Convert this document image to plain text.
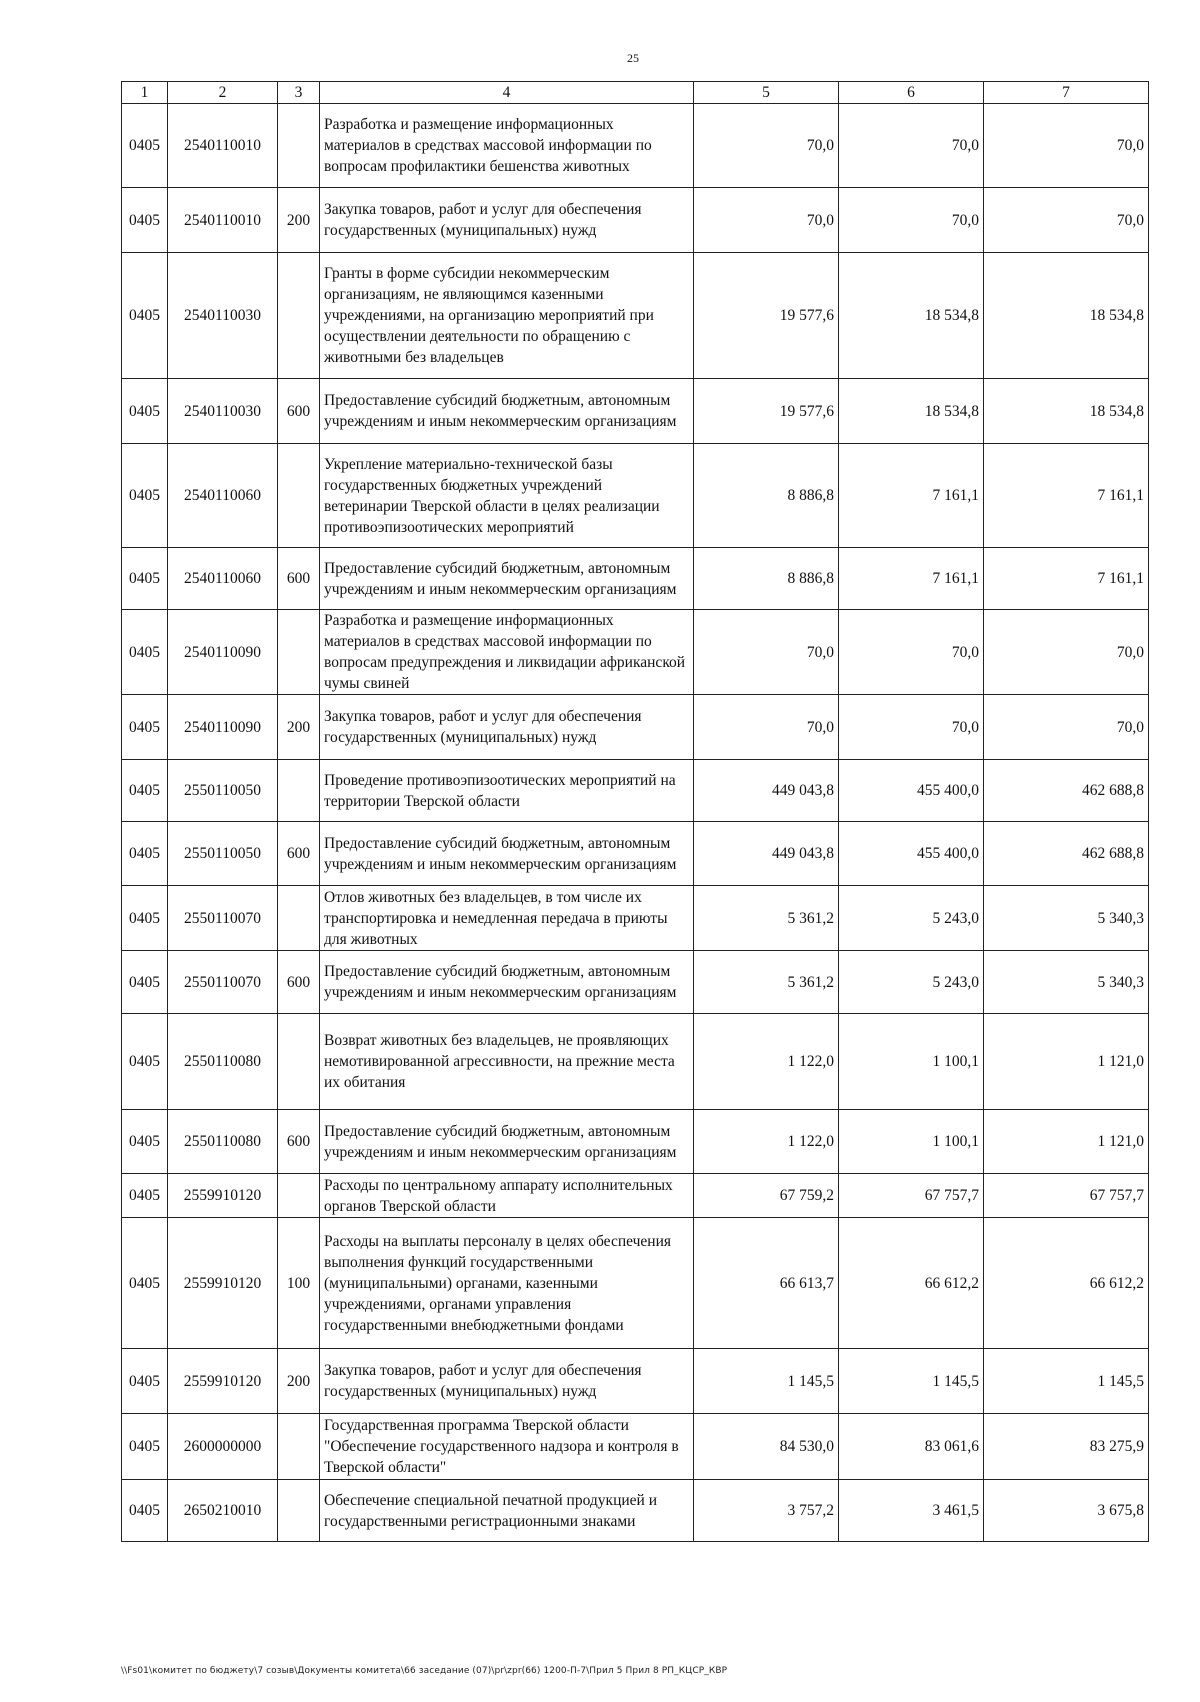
25
1	2	3	4	5	6	7
0405	2540110010		Разработка и размещение информационных материалов в средствах массовой информации по вопросам профилактики бешенства животных	70,0	70,0	70,0
0405	2540110010	200	Закупка товаров, работ и услуг для обеспечения государственных (муниципальных) нужд	70,0	70,0	70,0
0405	2540110030		Гранты в форме субсидии некоммерческим организациям, не являющимся казенными учреждениями, на организацию мероприятий при осуществлении деятельности по обращению с животными без владельцев	19 577,6	18 534,8	18 534,8
0405	2540110030	600	Предоставление субсидий бюджетным, автономным учреждениям и иным некоммерческим организациям	19 577,6	18 534,8	18 534,8
0405	2540110060		Укрепление материально-технической базы государственных бюджетных учреждений ветеринарии Тверской области в целях реализации противоэпизоотических мероприятий	8 886,8	7 161,1	7 161,1
0405	2540110060	600	Предоставление субсидий бюджетным, автономным учреждениям и иным некоммерческим организациям	8 886,8	7 161,1	7 161,1
0405	2540110090		Разработка и размещение информационных материалов в средствах массовой информации по вопросам предупреждения и ликвидации африканской чумы свиней	70,0	70,0	70,0
0405	2540110090	200	Закупка товаров, работ и услуг для обеспечения государственных (муниципальных) нужд	70,0	70,0	70,0
0405	2550110050		Проведение противоэпизоотических мероприятий на территории Тверской области	449 043,8	455 400,0	462 688,8
0405	2550110050	600	Предоставление субсидий бюджетным, автономным учреждениям и иным некоммерческим организациям	449 043,8	455 400,0	462 688,8
0405	2550110070		Отлов животных без владельцев, в том числе их транспортировка и немедленная передача в приюты для животных	5 361,2	5 243,0	5 340,3
0405	2550110070	600	Предоставление субсидий бюджетным, автономным учреждениям и иным некоммерческим организациям	5 361,2	5 243,0	5 340,3
0405	2550110080		Возврат животных без владельцев, не проявляющих немотивированной агрессивности, на прежние места их обитания	1 122,0	1 100,1	1 121,0
0405	2550110080	600	Предоставление субсидий бюджетным, автономным учреждениям и иным некоммерческим организациям	1 122,0	1 100,1	1 121,0
0405	2559910120		Расходы по центральному аппарату исполнительных органов Тверской области	67 759,2	67 757,7	67 757,7
0405	2559910120	100	Расходы на выплаты персоналу в целях обеспечения выполнения функций государственными (муниципальными) органами, казенными учреждениями, органами управления государственными внебюджетными фондами	66 613,7	66 612,2	66 612,2
0405	2559910120	200	Закупка товаров, работ и услуг для обеспечения государственных (муниципальных) нужд	1 145,5	1 145,5	1 145,5
0405	2600000000		Государственная программа Тверской области "Обеспечение государственного надзора и контроля в Тверской области"	84 530,0	83 061,6	83 275,9
0405	2650210010		Обеспечение специальной печатной продукцией и государственными регистрационными знаками	3 757,2	3 461,5	3 675,8
\\Fs01\комитет по бюджету\7 созыв\Документы комитета\66 заседание (07)\pr\zpr(66) 1200-П-7\Прил 5 Прил 8 РП_КЦСР_КВР
